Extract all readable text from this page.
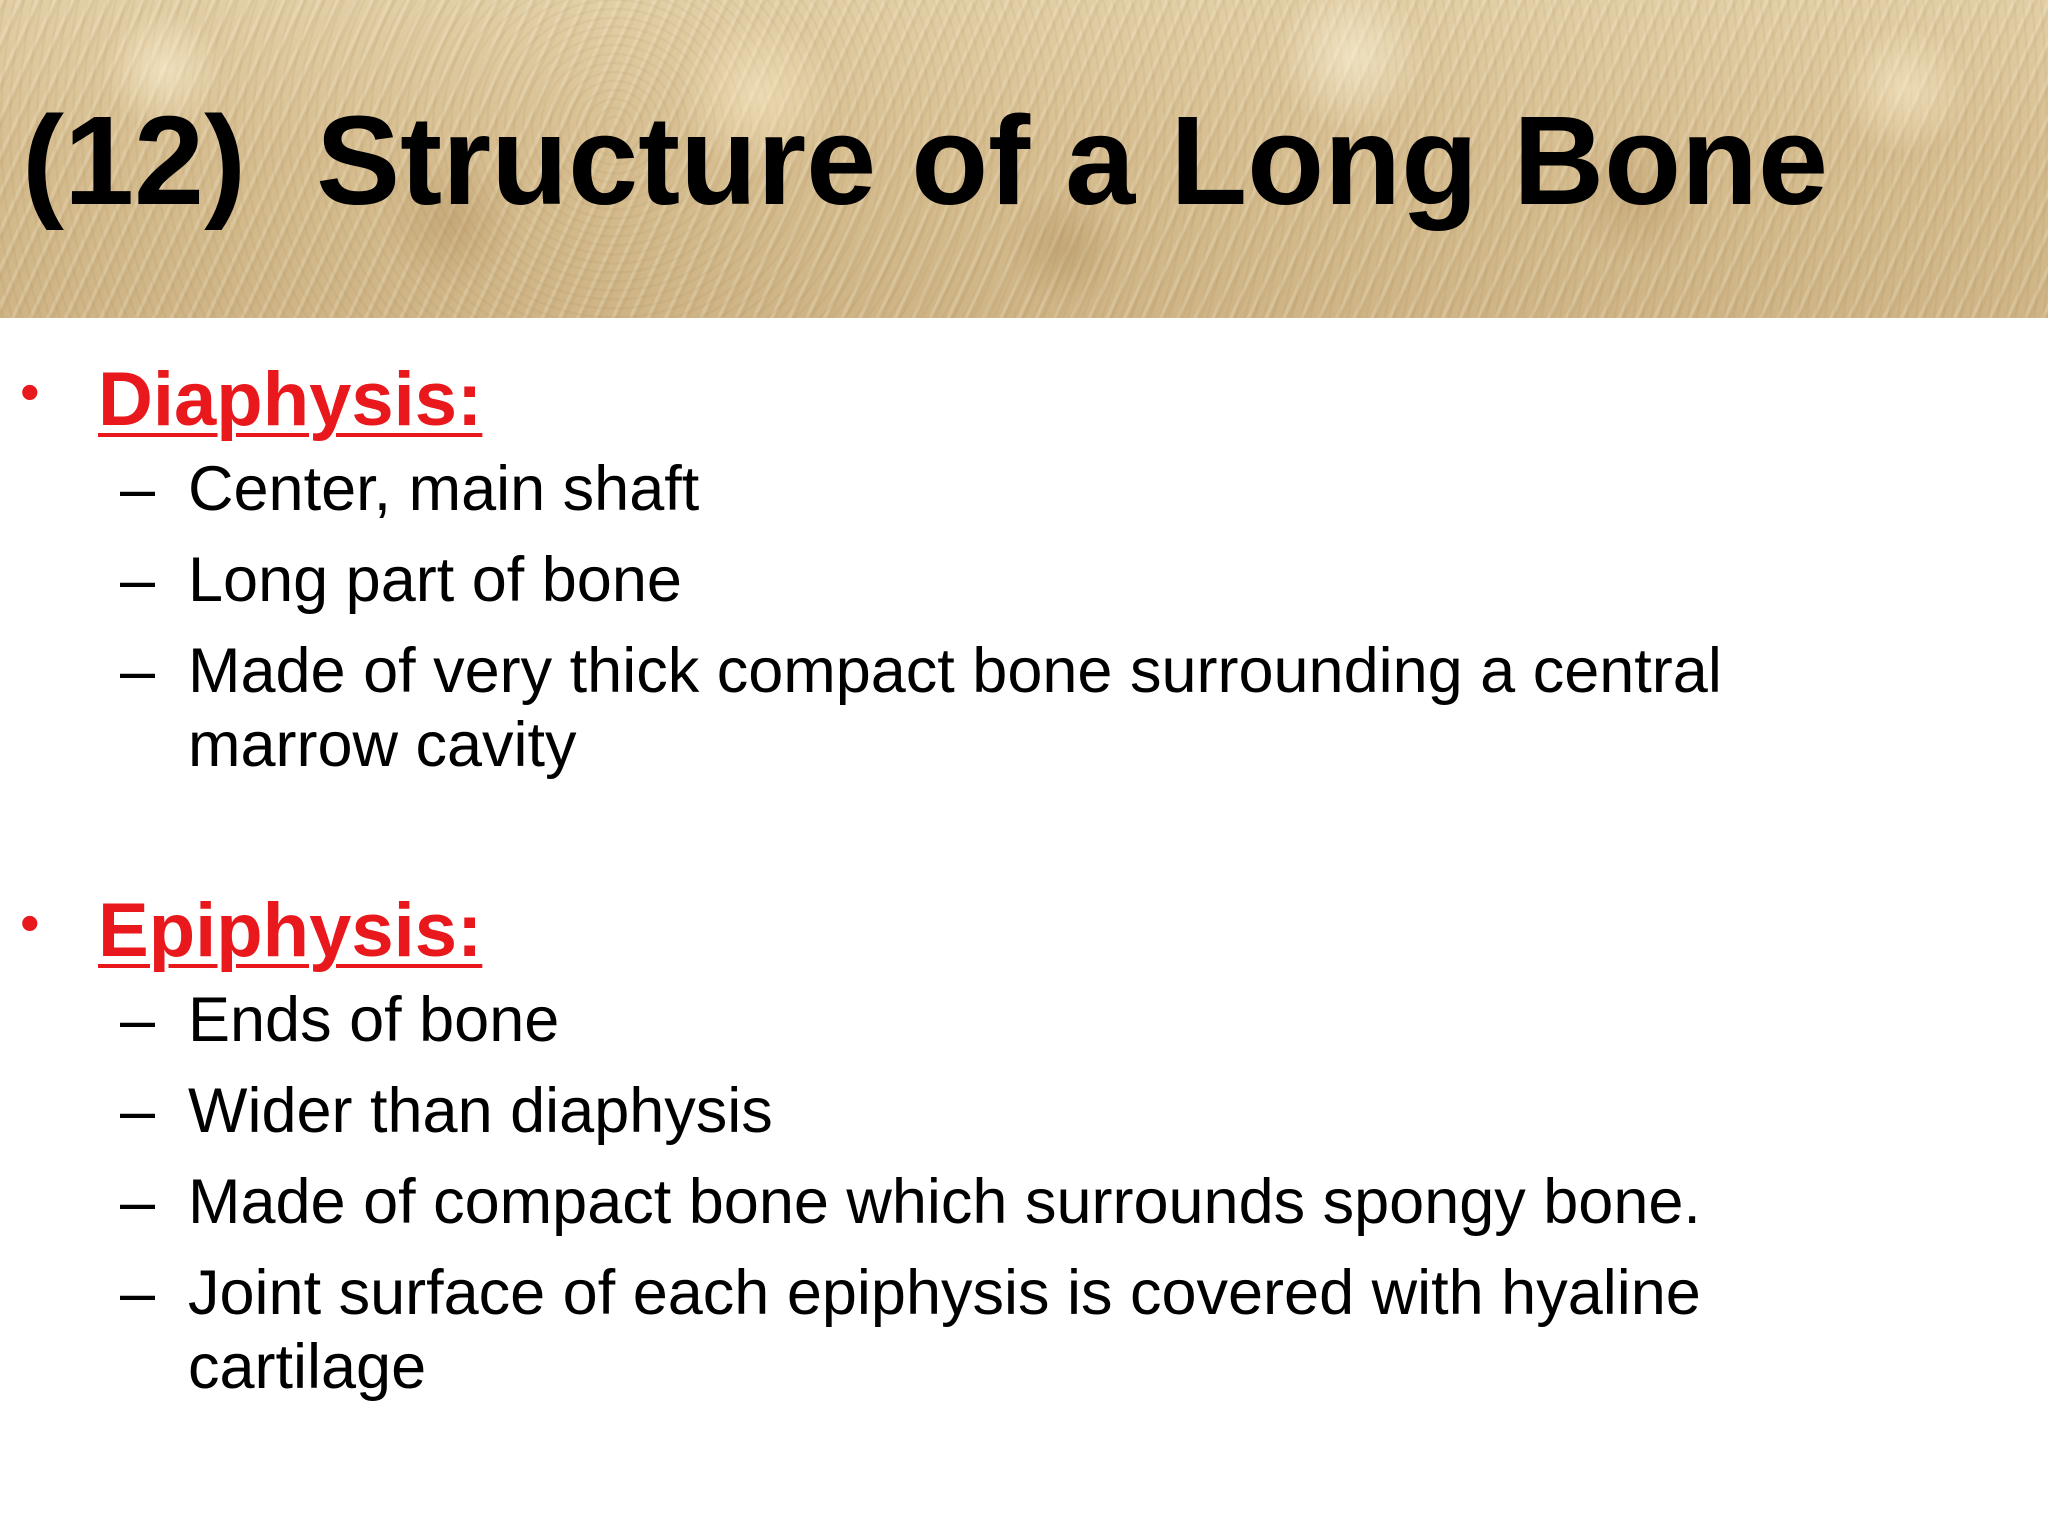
(12)  Structure of a Long Bone
• Diaphysis:
– Center, main shaft
– Long part of bone
– Made of very thick compact bone surrounding a central marrow cavity
• Epiphysis:
– Ends of bone
– Wider than diaphysis
– Made of compact bone which surrounds spongy bone.
– Joint surface of each epiphysis is covered with hyaline cartilage
